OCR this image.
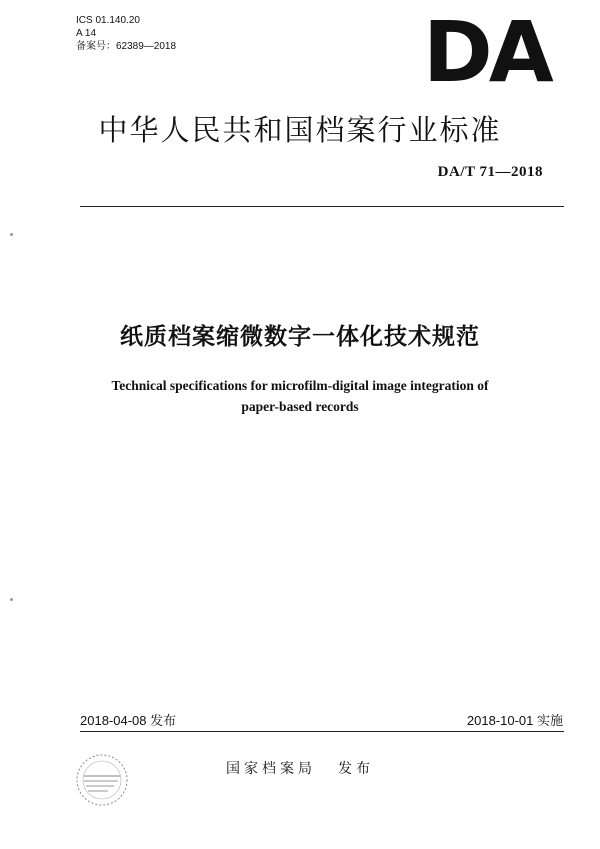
ICS 01.140.20
A 14
备案号：62389—2018	DA
中华人民共和国档案行业标准
DA/T 71—2018
纸质档案缩微数字一体化技术规范
Technical specifications for microfilm-digital image integration of
paper-based records
2018-04-08 发布	2018-10-01 实施
国家档案局 发布
